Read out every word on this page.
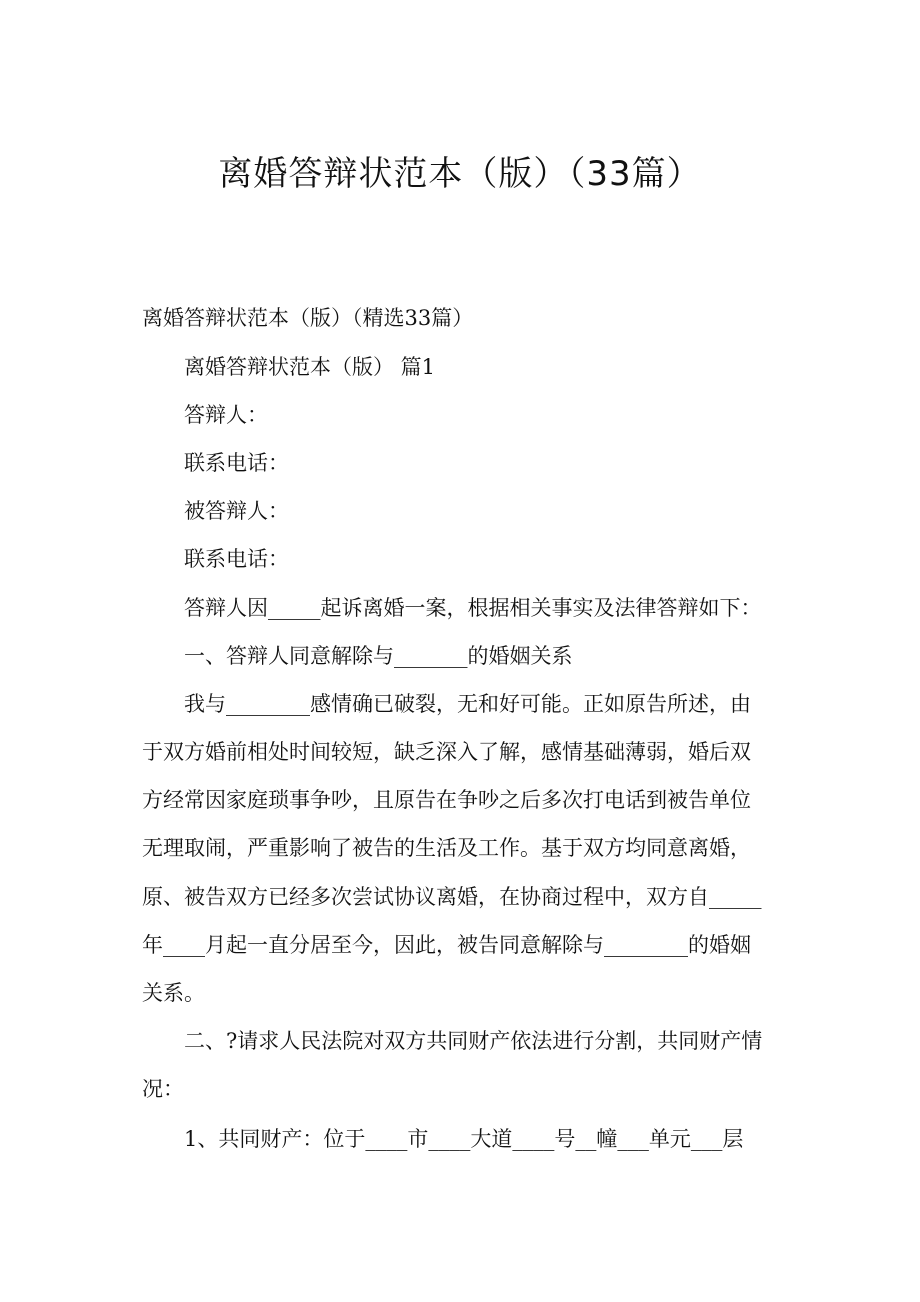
离婚答辩状范本（版）（33篇）
离婚答辩状范本（版）（精选33篇）
离婚答辩状范本（版） 篇1
答辩人：
联系电话：
被答辩人：
联系电话：
答辩人因_____起诉离婚一案，根据相关事实及法律答辩如下：
一、答辩人同意解除与_______的婚姻关系
我与________感情确已破裂，无和好可能。正如原告所述，由
于双方婚前相处时间较短，缺乏深入了解，感情基础薄弱，婚后双
方经常因家庭琐事争吵，且原告在争吵之后多次打电话到被告单位
无理取闹，严重影响了被告的生活及工作。基于双方均同意离婚，
原、被告双方已经多次尝试协议离婚，在协商过程中，双方自_____
年____月起一直分居至今，因此，被告同意解除与________的婚姻
关系。
二、?请求人民法院对双方共同财产依法进行分割，共同财产情
况：
1、共同财产：位于____市____大道____号__幢___单元___层
